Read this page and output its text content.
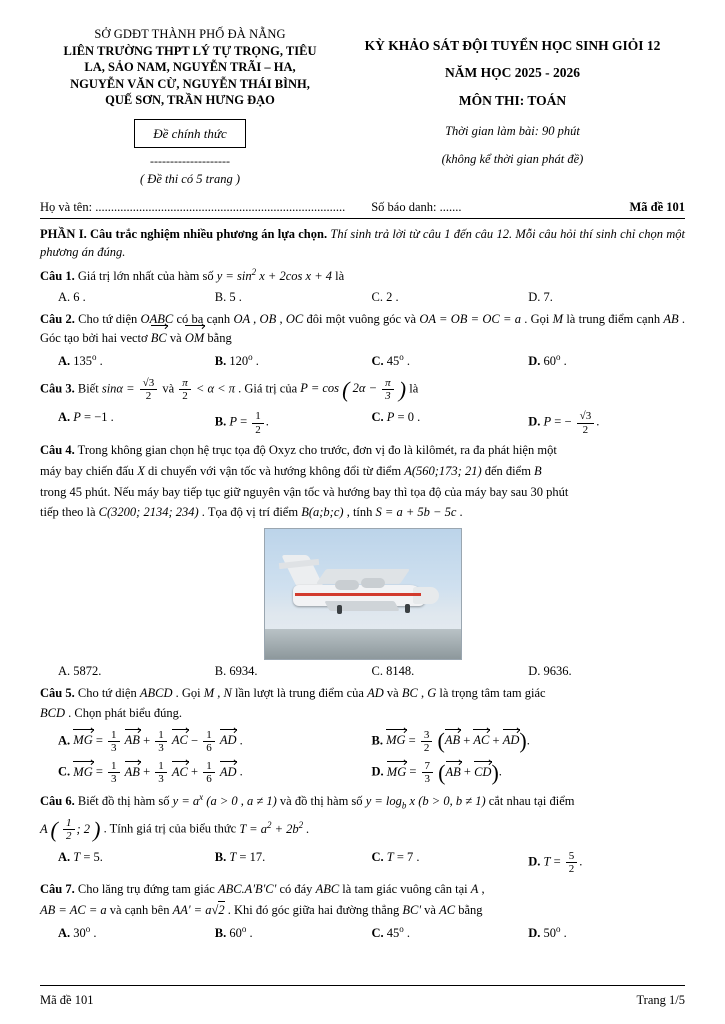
SỞ GDĐT THÀNH PHỐ ĐÀ NẴNG
LIÊN TRƯỜNG THPT LÝ TỰ TRỌNG, TIÊU
LA, SẢO NAM, NGUYỄN TRÃI – HA,
NGUYỄN VĂN CỪ, NGUYỄN THÁI BÌNH,
QUẾ SƠN, TRẦN HƯNG ĐẠO
Đề chính thức
--------------------
( Đề thi có 5 trang )
KỲ KHẢO SÁT ĐỘI TUYỂN HỌC SINH GIỎI 12
NĂM HỌC 2025 - 2026
MÔN THI: TOÁN
Thời gian làm bài: 90 phút
(không kể thời gian phát đề)
Họ và tên: ................................................................................ Số báo danh: .......	Mã đề 101
PHẦN I. Câu trắc nghiệm nhiều phương án lựa chọn. Thí sinh trả lời từ câu 1 đến câu 12. Mỗi câu hỏi thí sinh chỉ chọn một phương án đúng.
Câu 1. Giá trị lớn nhất của hàm số $y = \sin^2 x + 2\cos$ x + 4 là
A. 6 .	B. 5 .	C. 2 .	D. 7.
Câu 2. Cho tứ diện OABC có ba cạnh OA , OB , OC đôi một vuông góc và OA = OB = OC = a . Gọi M là trung điểm cạnh AB . Góc tạo bởi hai vectơ BC và OM bằng
A. 135$^o$ .	B. 120$^o$ .	C. 45$^o$ .	D. 60$^o$ .
Câu 3. Biết $\sin\alpha = \frac{√3}{2}$ và $\frac{\pi}{2} < \alpha < \pi$ . Giá trị của P = cos ( $2\alpha - \frac{\pi}{3}$ ) là
A. P = −1 .	B. $P = \frac{1}{2}$ .	C. P = 0 .	D. P = − $\frac{√3}{2}$ .
Câu 4. Trong không gian chọn hệ trục tọa độ Oxyz cho trước, đơn vị đo là kilômét, ra đa phát hiện một
máy bay chiến đấu X di chuyển với vận tốc và hướng không đổi từ điểm A(560;173; 21) đến điểm B
trong 45 phút. Nếu máy bay tiếp tục giữ nguyên vận tốc và hướng bay thì tọa độ của máy bay sau 30 phút
tiếp theo là C(3200; 2134; 234) . Tọa độ vị trí điểm B(a;b;c) , tính S = a + 5b − 5c .
A. 5872.	B. 6934.	C. 8148.	D. 9636.
Câu 5. Cho tứ diện ABCD . Gọi M , N lần lượt là trung điểm của AD và BC , G là trọng tâm tam giác
BCD . Chọn phát biểu đúng.
A. MG = $\frac{1}{3}$ AB + $\frac{1}{3}$ AC − $\frac{1}{6}$ AD .	B. MG = $\frac{3}{2} (AB$ + AC + AD).
C. MG = $\frac{1}{3}$ AB + $\frac{1}{3}$ AC + $\frac{1}{6}$ AD .	D. MG = $\frac{7}{3} (AB + CD)$.
Câu 6. Biết đồ thị hàm số $y = a^x$ (a > 0 , a ≠ 1) và đồ thị hàm số $y = \log_b x$ (b > 0, b ≠ 1) cắt nhau tại điểm
A ( $\frac{1}{2}$ ; 2 ) . Tính giá trị của biểu thức $T = a^2 + 2b^2$ .
A. T = 5.	B. T = 17.	C. T = 7 .	D. $T = \frac{5}{2}$ .
Câu 7. Cho lăng trụ đứng tam giác ABC.A'B'C' có đáy ABC là tam giác vuông cân tại A ,
AB = AC = a và cạnh bên AA' = a√2 . Khi đó góc giữa hai đường thẳng BC' và AC bằng
A. 30$^o$ .	B. 60$^o$ .	C. 45$^o$ .	D. 50$^o$ .
Mã đề 101	Trang 1/5
